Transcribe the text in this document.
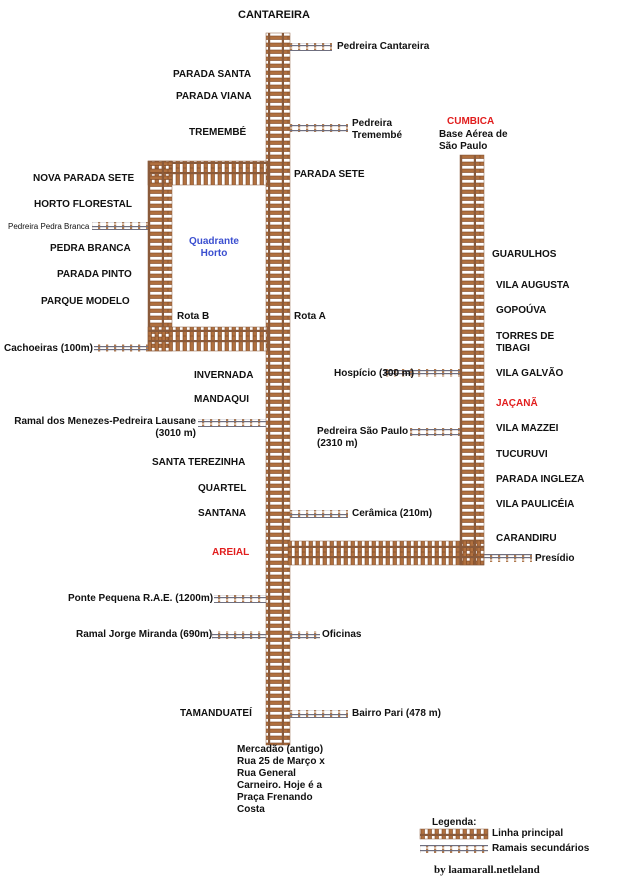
CANTAREIRA
PARADA SANTA
PARADA VIANA
TREMEMBÉ
PARADA SETE
INVERNADA
MANDAQUI
SANTA TEREZINHA
QUARTEL
SANTANA
AREIAL
TAMANDUATEÍ
NOVA PARADA SETE
HORTO FLORESTAL
PEDRA BRANCA
PARADA PINTO
PARQUE MODELO
CUMBICA
GUARULHOS
VILA AUGUSTA
GOPOÚVA
TORRES DE TIBAGI
VILA GALVÃO
JAÇANÃ
VILA MAZZEI
TUCURUVI
PARADA INGLEZA
VILA PAULICÉIA
CARANDIRU
Pedreira Cantareira
Pedreira Tremembé
Pedreira Pedra Branca
Cachoeiras (100m)
Ramal dos Menezes-Pedreira Lausane (3010 m)
Hospício (300 m)
Pedreira São Paulo (2310 m)
Cerâmica (210m)
Presídio
Ponte Pequena R.A.E. (1200m)
Ramal Jorge Miranda (690m)	Oficinas
Bairro Pari (478 m)
Base Aérea de São Paulo
Quadrante Horto
Rota A
Rota B
Mercadão (antigo) Rua 25 de Março x Rua General Carneiro. Hoje é a Praça Frenando Costa
Legenda:
Linha principal
Ramais secundários
by laamarall.netleland
